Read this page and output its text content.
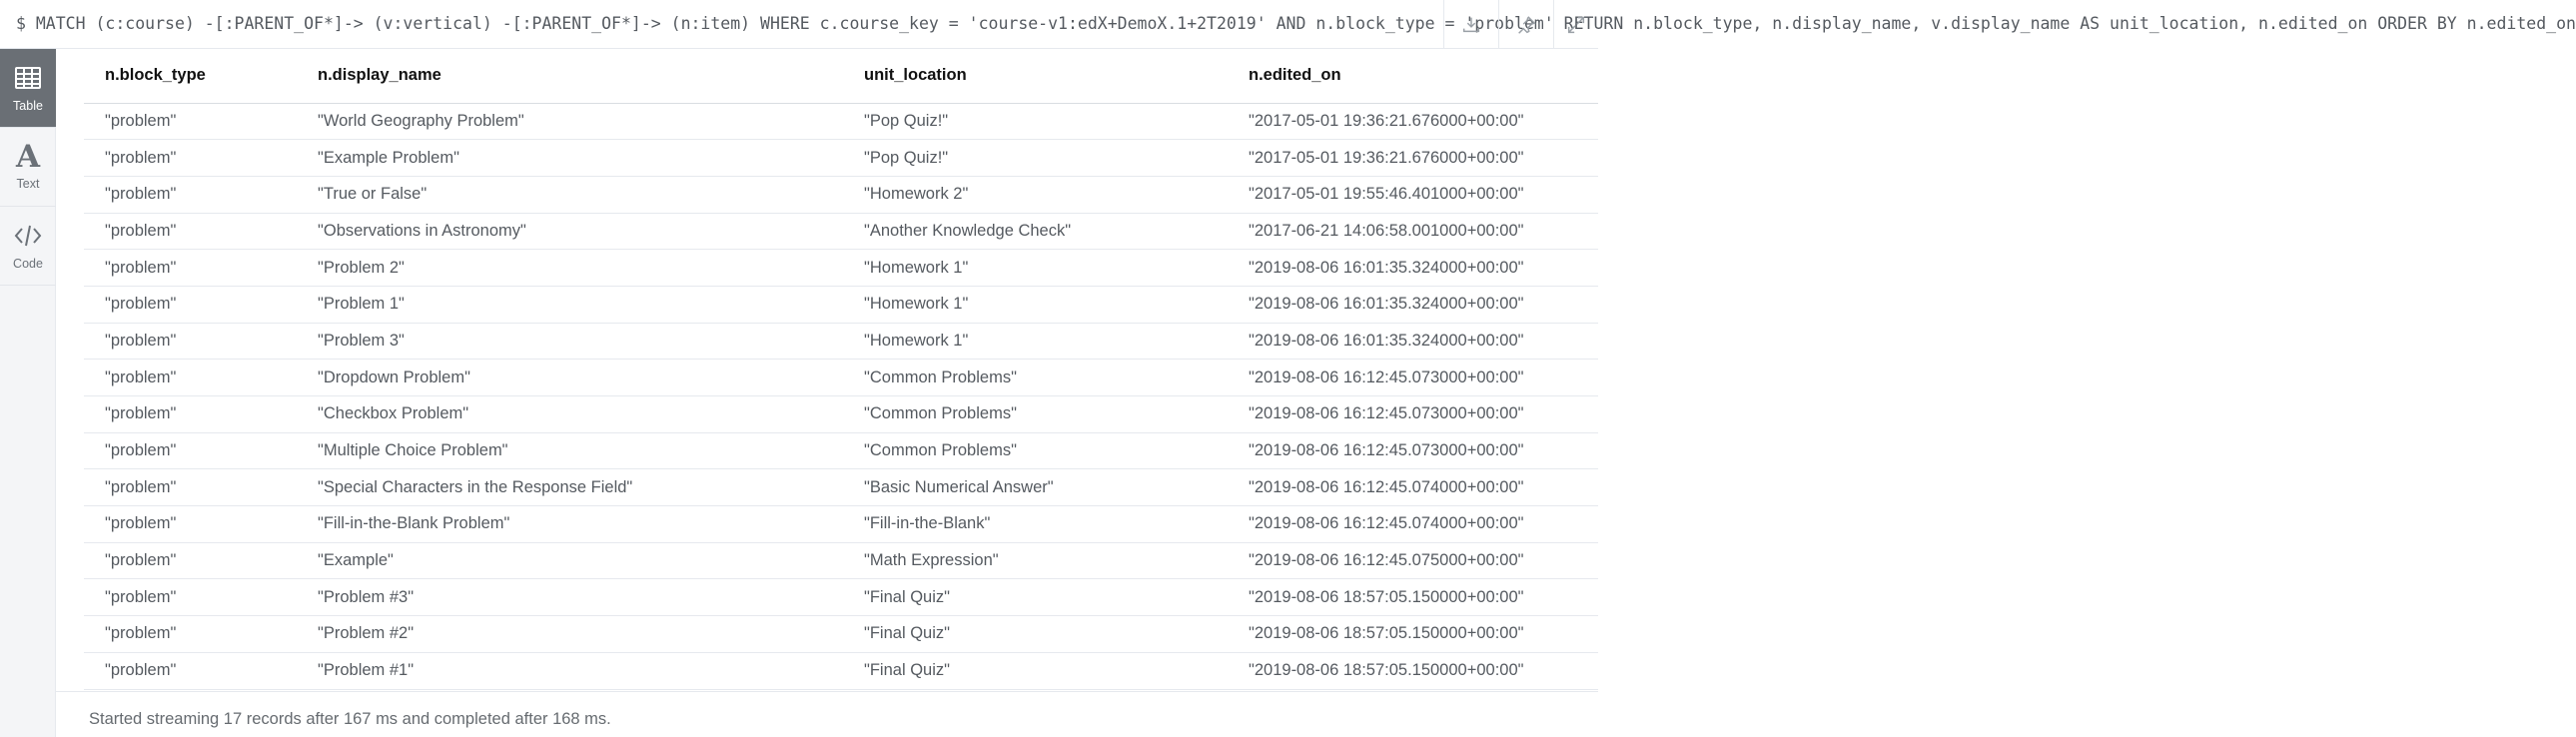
$ MATCH (c:course) -[:PARENT_OF*]-> (v:vertical) -[:PARENT_OF*]-> (n:item) WHERE c.course_key = 'course-v1:edX+DemoX.1+2T2019' AND n.block_type = 'problem' RETURN n.block_type, n.display_name, v.display_name AS unit_location, n.edited_on ORDER BY n.edited_on
Table
A
Text
Code
n.block_type	n.display_name	unit_location	n.edited_on
"problem"	"World Geography Problem"	"Pop Quiz!"	"2017-05-01 19:36:21.676000+00:00"
"problem"	"Example Problem"	"Pop Quiz!"	"2017-05-01 19:36:21.676000+00:00"
"problem"	"True or False"	"Homework 2"	"2017-05-01 19:55:46.401000+00:00"
"problem"	"Observations in Astronomy"	"Another Knowledge Check"	"2017-06-21 14:06:58.001000+00:00"
"problem"	"Problem 2"	"Homework 1"	"2019-08-06 16:01:35.324000+00:00"
"problem"	"Problem 1"	"Homework 1"	"2019-08-06 16:01:35.324000+00:00"
"problem"	"Problem 3"	"Homework 1"	"2019-08-06 16:01:35.324000+00:00"
"problem"	"Dropdown Problem"	"Common Problems"	"2019-08-06 16:12:45.073000+00:00"
"problem"	"Checkbox Problem"	"Common Problems"	"2019-08-06 16:12:45.073000+00:00"
"problem"	"Multiple Choice Problem"	"Common Problems"	"2019-08-06 16:12:45.073000+00:00"
"problem"	"Special Characters in the Response Field"	"Basic Numerical Answer"	"2019-08-06 16:12:45.074000+00:00"
"problem"	"Fill-in-the-Blank Problem"	"Fill-in-the-Blank"	"2019-08-06 16:12:45.074000+00:00"
"problem"	"Example"	"Math Expression"	"2019-08-06 16:12:45.075000+00:00"
"problem"	"Problem #3"	"Final Quiz"	"2019-08-06 18:57:05.150000+00:00"
"problem"	"Problem #2"	"Final Quiz"	"2019-08-06 18:57:05.150000+00:00"
"problem"	"Problem #1"	"Final Quiz"	"2019-08-06 18:57:05.150000+00:00"
Started streaming 17 records after 167 ms and completed after 168 ms.
